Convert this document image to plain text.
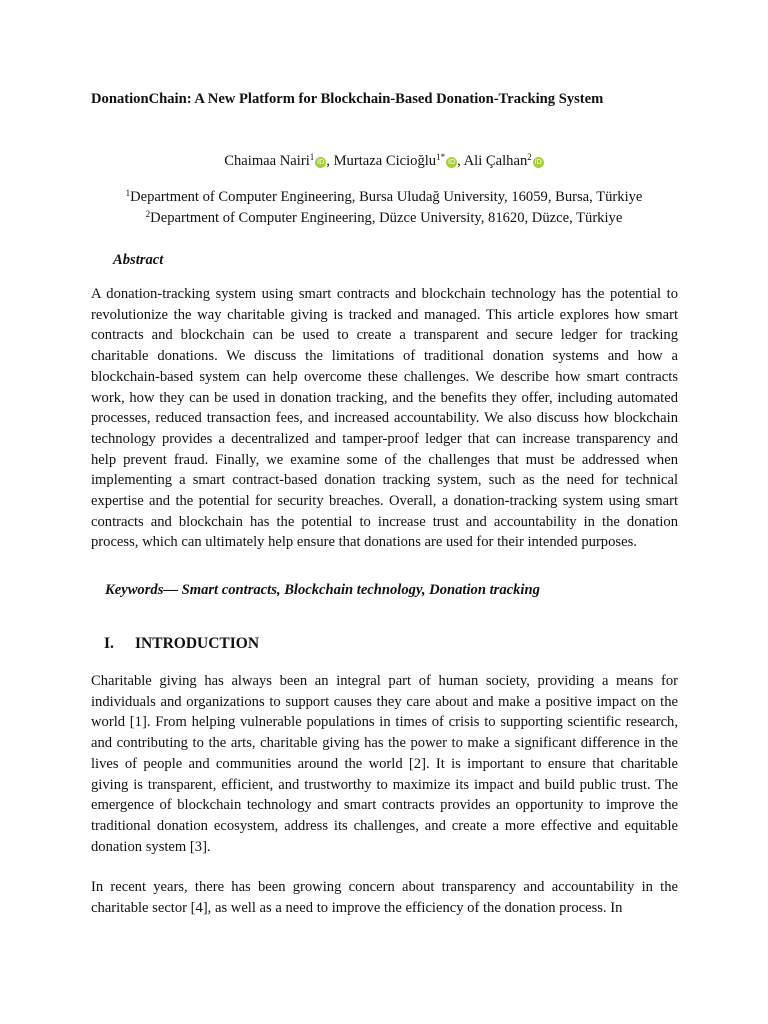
DonationChain: A New Platform for Blockchain-Based Donation-Tracking System
Chaimaa Nairi$^1$ iD , Murtaza Cicioğlu$^{1*}$ iD , Ali Çalhan$^2$ iD
$^1$Department of Computer Engineering, Bursa Uludağ University, 16059, Bursa, Türkiye
$^2$Department of Computer Engineering, Düzce University, 81620, Düzce, Türkiye
Abstract
A donation-tracking system using smart contracts and blockchain technology has the potential to revolutionize the way charitable giving is tracked and managed. This article explores how smart contracts and blockchain can be used to create a transparent and secure ledger for tracking charitable donations. We discuss the limitations of traditional donation systems and how a blockchain-based system can help overcome these challenges. We describe how smart contracts work, how they can be used in donation tracking, and the benefits they offer, including automated processes, reduced transaction fees, and increased accountability. We also discuss how blockchain technology provides a decentralized and tamper-proof ledger that can increase transparency and help prevent fraud. Finally, we examine some of the challenges that must be addressed when implementing a smart contract-based donation tracking system, such as the need for technical expertise and the potential for security breaches. Overall, a donation-tracking system using smart contracts and blockchain has the potential to increase trust and accountability in the donation process, which can ultimately help ensure that donations are used for their intended purposes.
Keywords— Smart contracts, Blockchain technology, Donation tracking
I. INTRODUCTION
Charitable giving has always been an integral part of human society, providing a means for individuals and organizations to support causes they care about and make a positive impact on the world [1]. From helping vulnerable populations in times of crisis to supporting scientific research, and contributing to the arts, charitable giving has the power to make a significant difference in the lives of people and communities around the world [2]. It is important to ensure that charitable giving is transparent, efficient, and trustworthy to maximize its impact and build public trust. The emergence of blockchain technology and smart contracts provides an opportunity to improve the traditional donation ecosystem, address its challenges, and create a more effective and equitable donation system [3].
In recent years, there has been growing concern about transparency and accountability in the charitable sector [4], as well as a need to improve the efficiency of the donation process. In
